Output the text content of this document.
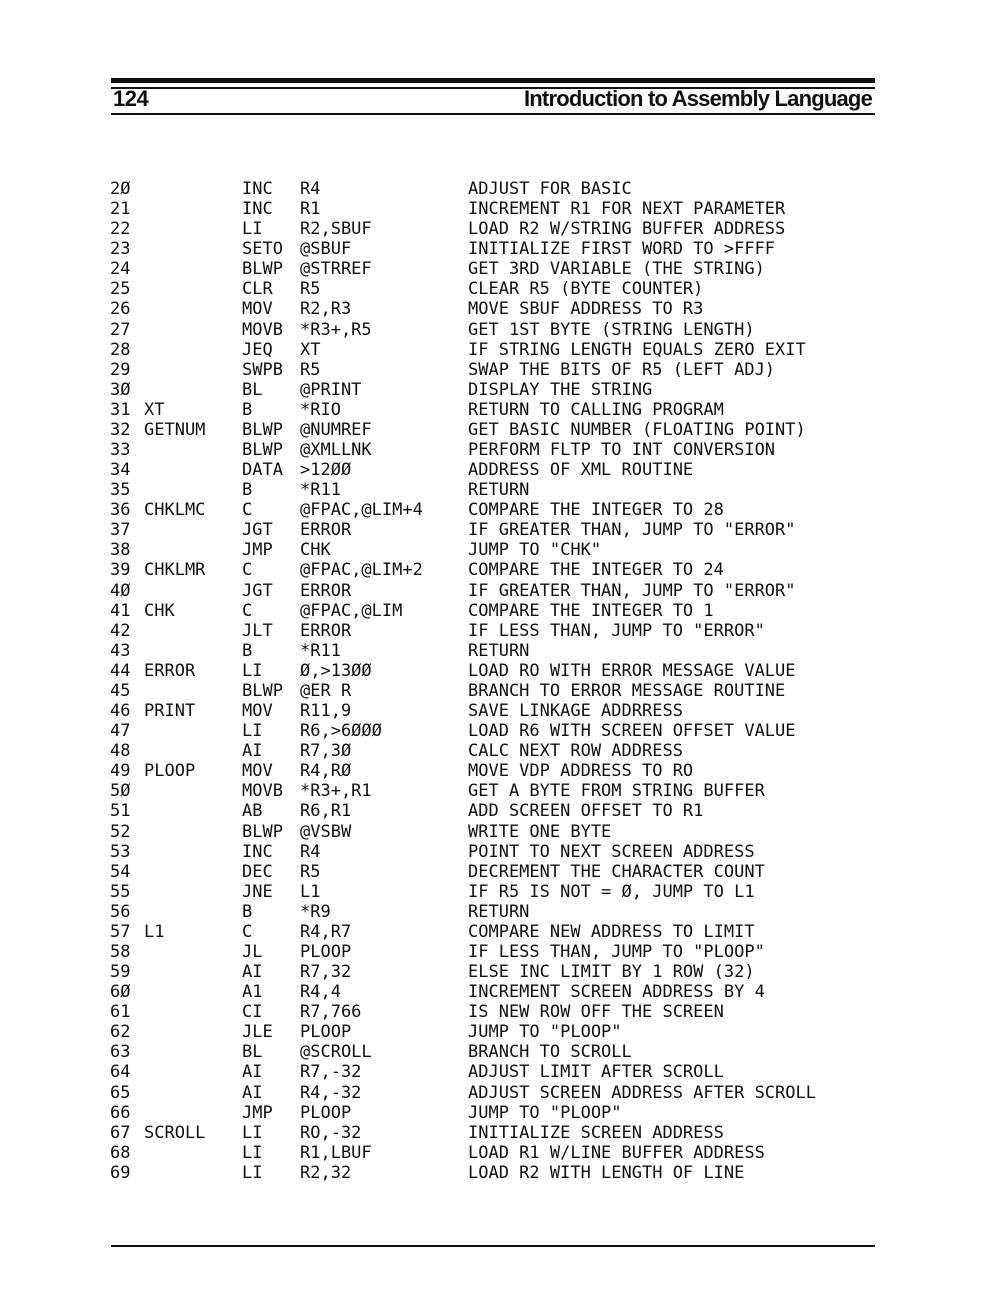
124	Introduction to Assembly Language
2Ø	INC R4	ADJUST FOR BASIC
21	INC R1	INCREMENT R1 FOR NEXT PARAMETER
22	LI R2,SBUF	LOAD R2 W/STRING BUFFER ADDRESS
23	SETO @SBUF	INITIALIZE FIRST WORD TO >FFFF
24	BLWP @STRREF	GET 3RD VARIABLE (THE STRING)
25	CLR R5	CLEAR R5 (BYTE COUNTER)
26	MOV R2,R3	MOVE SBUF ADDRESS TO R3
27	MOVB *R3+,R5	GET 1ST BYTE (STRING LENGTH)
28	JEQ XT	IF STRING LENGTH EQUALS ZERO EXIT
29	SWPB R5	SWAP THE BITS OF R5 (LEFT ADJ)
3Ø	BL @PRINT	DISPLAY THE STRING
31 XT	B	*RIO	RETURN TO CALLING PROGRAM
32 GETNUM BLWP @NUMREF	GET BASIC NUMBER (FLOATING POINT)
33	BLWP @XMLLNK	PERFORM FLTP TO INT CONVERSION
34	DATA >12ØØ	ADDRESS OF XML ROUTINE
35	B	*R11	RETURN
36 CHKLMC C	@FPAC,@LIM+4	COMPARE THE INTEGER TO 28
37	JGT ERROR	IF GREATER THAN, JUMP TO "ERROR"
38	JMP CHK	JUMP TO "CHK"
39 CHKLMR C	@FPAC,@LIM+2	COMPARE THE INTEGER TO 24
4Ø	JGT ERROR	IF GREATER THAN, JUMP TO "ERROR"
41 CHK	C	@FPAC,@LIM	COMPARE THE INTEGER TO 1
42	JLT ERROR	IF LESS THAN, JUMP TO "ERROR"
43	B	*R11	RETURN
44 ERROR	LI Ø,>13ØØ	LOAD RO WITH ERROR MESSAGE VALUE
45	BLWP @ER R	BRANCH TO ERROR MESSAGE ROUTINE
46 PRINT	MOV R11,9	SAVE LINKAGE ADDRRESS
47	LI R6,>6ØØØ	LOAD R6 WITH SCREEN OFFSET VALUE
48	AI R7,3Ø	CALC NEXT ROW ADDRESS
49 PLOOP	MOV R4,RØ	MOVE VDP ADDRESS TO RO
5Ø	MOVB *R3+,R1	GET A BYTE FROM STRING BUFFER
51	AB R6,R1	ADD SCREEN OFFSET TO R1
52	BLWP @VSBW	WRITE ONE BYTE
53	INC R4	POINT TO NEXT SCREEN ADDRESS
54	DEC R5	DECREMENT THE CHARACTER COUNT
55	JNE L1	IF R5 IS NOT = Ø, JUMP TO L1
56	B	*R9	RETURN
57 L1	C	R4,R7	COMPARE NEW ADDRESS TO LIMIT
58	JL PLOOP	IF LESS THAN, JUMP TO "PLOOP"
59	AI R7,32	ELSE INC LIMIT BY 1 ROW (32)
6Ø	A1 R4,4	INCREMENT SCREEN ADDRESS BY 4
61	CI R7,766	IS NEW ROW OFF THE SCREEN
62	JLE PLOOP	JUMP TO "PLOOP"
63	BL @SCROLL	BRANCH TO SCROLL
64	AI R7,-32	ADJUST LIMIT AFTER SCROLL
65	AI R4,-32	ADJUST SCREEN ADDRESS AFTER SCROLL
66	JMP PLOOP	JUMP TO "PLOOP"
67 SCROLL LI RO,-32	INITIALIZE SCREEN ADDRESS
68	LI R1,LBUF	LOAD R1 W/LINE BUFFER ADDRESS
69	LI R2,32	LOAD R2 WITH LENGTH OF LINE
